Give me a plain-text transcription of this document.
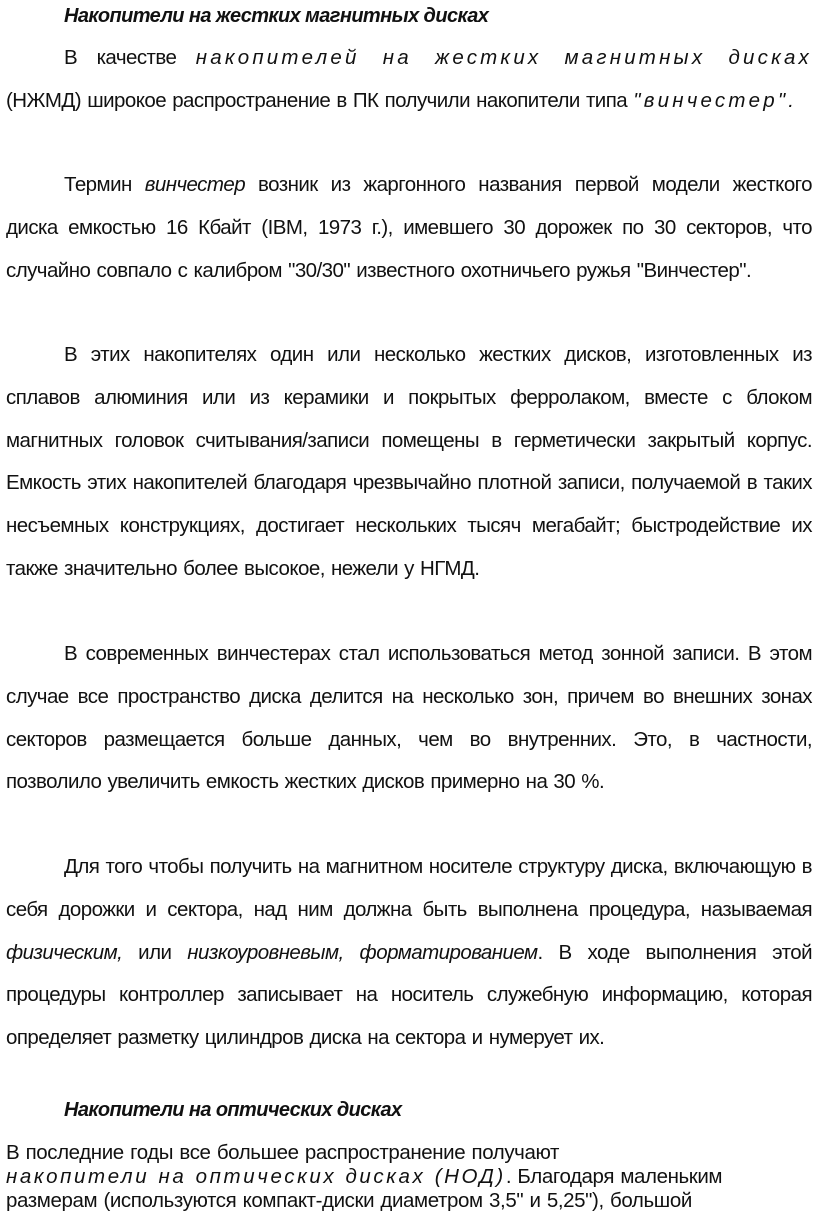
Накопители на жестких магнитных дисках

В качестве накопителей на жестких магнитных дисках (НЖМД) широкое распространение в ПК получили накопители типа "винчестер".

Термин винчестер возник из жаргонного названия первой модели жесткого диска емкостью 16 Кбайт (IBM, 1973 г.), имевшего 30 дорожек по 30 секторов, что случайно совпало с калибром "30/30" известного охотничьего ружья "Винчестер".

В этих накопителях один или несколько жестких дисков, изготовленных из сплавов алюминия или из керамики и покрытых ферролаком, вместе с блоком магнитных головок считывания/записи помещены в герметически закрытый корпус. Емкость этих накопителей благодаря чрезвычайно плотной записи, получаемой в таких несъемных конструкциях, достигает нескольких тысяч мегабайт; быстродействие их также значительно более высокое, нежели у НГМД.

В современных винчестерах стал использоваться метод зонной записи. В этом случае все пространство диска делится на несколько зон, причем во внешних зонах секторов размещается больше данных, чем во внутренних. Это, в частности, позволило увеличить емкость жестких дисков примерно на 30 %.

Для того чтобы получить на магнитном носителе структуру диска, включающую в себя дорожки и сектора, над ним должна быть выполнена процедура, называемая физическим, или низкоуровневым, форматированием. В ходе выполнения этой процедуры контроллер записывает на носитель служебную информацию, которая определяет разметку цилиндров диска на сектора и нумерует их.

Накопители на оптических дисках

В последние годы все большее распространение получают
накопители на оптических дисках (НОД). Благодаря маленьким размерам (используются компакт-диски диаметром 3,5" и 5,25"), большой
